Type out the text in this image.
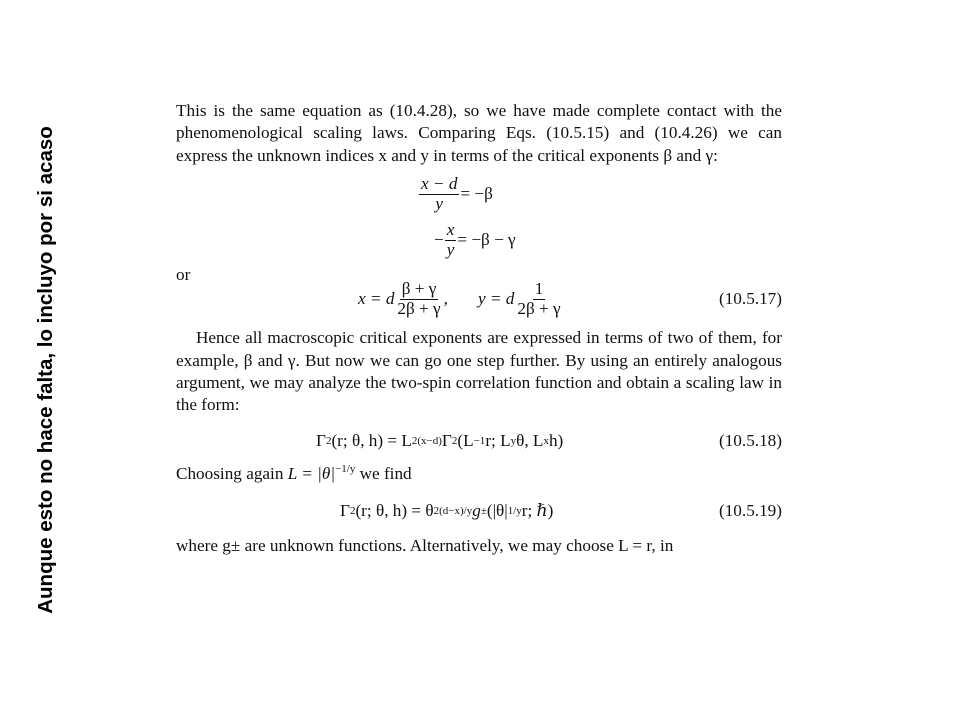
Aunque esto no hace falta, lo incluyo por si acaso

This is the same equation as (10.4.28), so we have made complete contact with the phenomenological scaling laws. Comparing Eqs. (10.5.15) and (10.4.26) we can express the unknown indices x and y in terms of the critical exponents β and γ:

$\frac{x - d}{y} = -\beta$
− $\frac{x}{y} = -\beta - \gamma$
or
x = d $\frac{\beta + \gamma}{2\beta + \gamma}$ , y = d $\frac{1}{2\beta + \gamma}$	(10.5.17)

Hence all macroscopic critical exponents are expressed in terms of two of them, for example, β and γ. But now we can go one step further. By using an entirely analogous argument, we may analyze the two-spin correlation function and obtain a scaling law in the form:

Γ 2 (r; θ, h) = L 2(x−d) Γ 2 (L −1 r; L y θ, L x h)	(10.5.18)

Choosing again $L = |\theta|^{-1/y}$ we find

Γ 2 (r; θ, h) = θ 2(d−x)/y g ± (|θ| 1/y r; ℏ)	(10.5.19)

where g± are unknown functions. Alternatively, we may choose L = r, in
